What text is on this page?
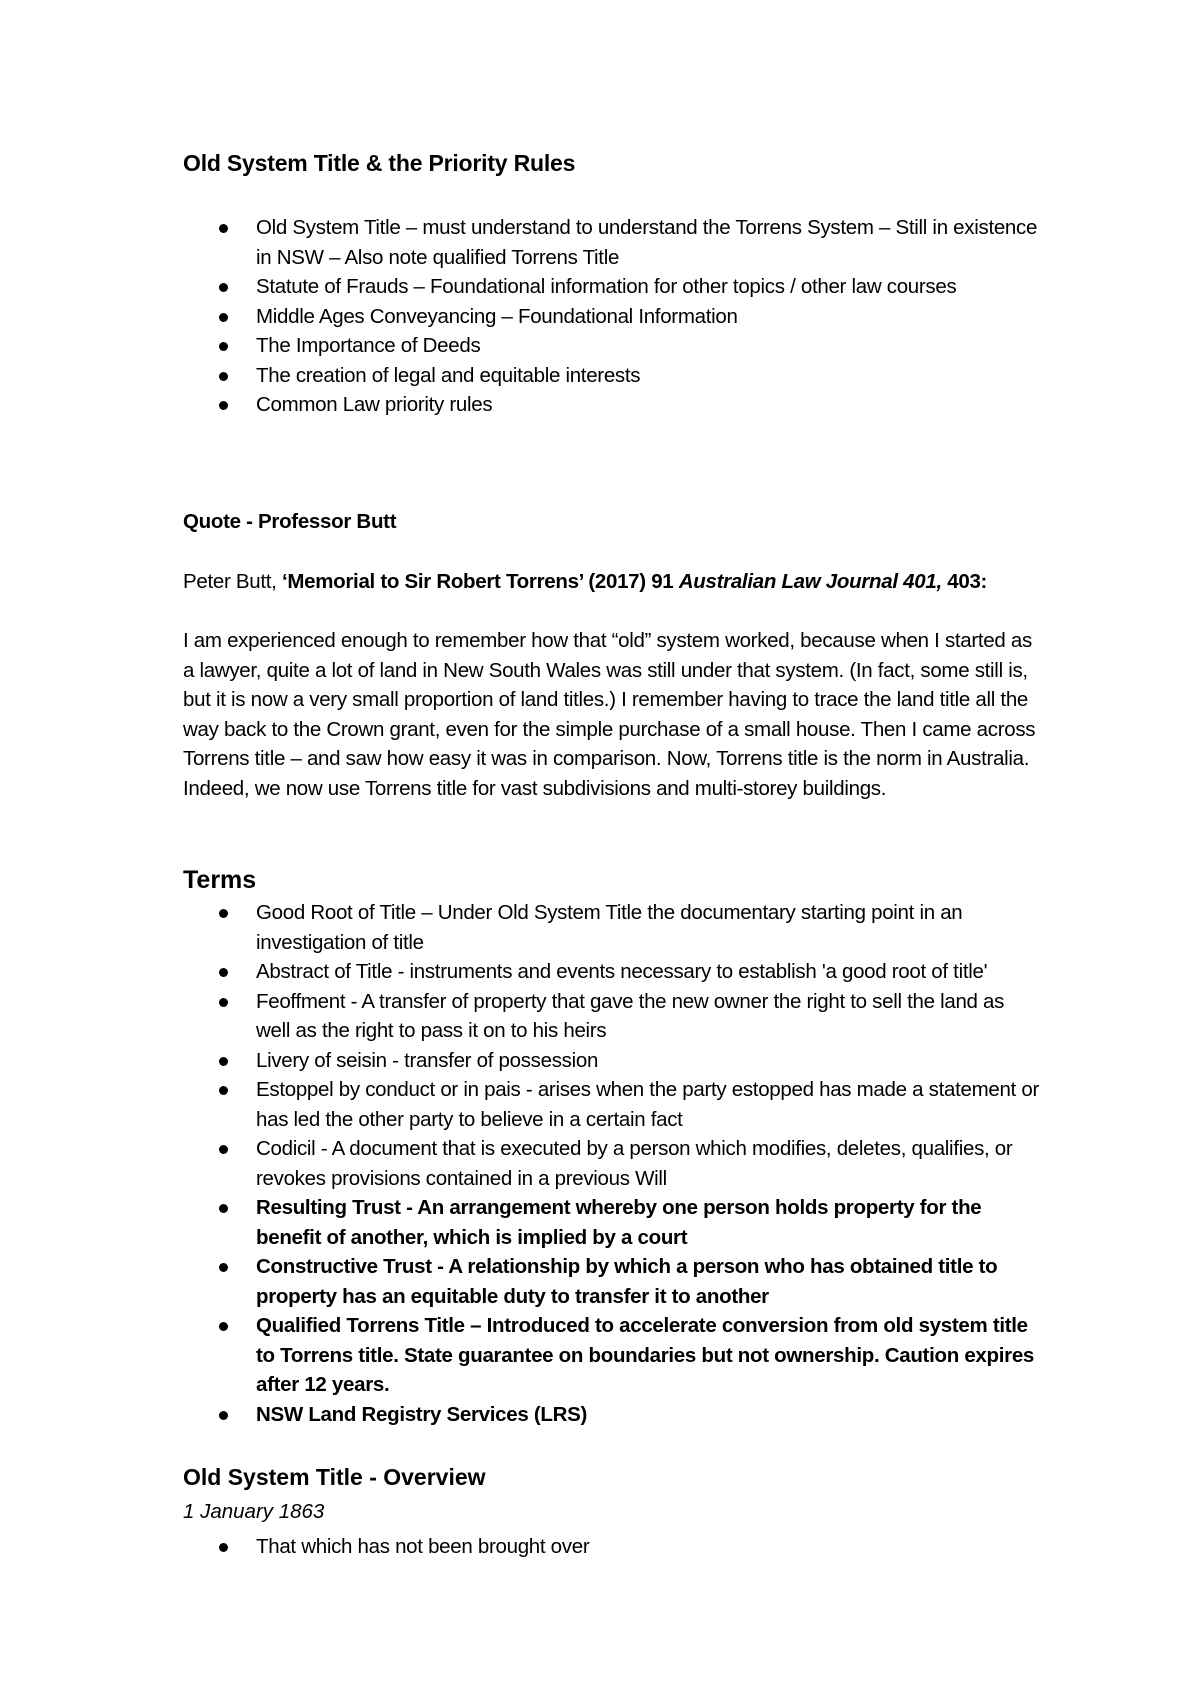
Old System Title & the Priority Rules
Old System Title – must understand to understand the Torrens System – Still in existence in NSW – Also note qualified Torrens Title
Statute of Frauds – Foundational information for other topics / other law courses
Middle Ages Conveyancing – Foundational Information
The Importance of Deeds
The creation of legal and equitable interests
Common Law priority rules
Quote - Professor Butt
Peter Butt, ‘Memorial to Sir Robert Torrens’ (2017) 91 Australian Law Journal 401, 403:
I am experienced enough to remember how that “old” system worked, because when I started as a lawyer, quite a lot of land in New South Wales was still under that system. (In fact, some still is, but it is now a very small proportion of land titles.) I remember having to trace the land title all the way back to the Crown grant, even for the simple purchase of a small house. Then I came across Torrens title – and saw how easy it was in comparison. Now, Torrens title is the norm in Australia. Indeed, we now use Torrens title for vast subdivisions and multi-storey buildings.
Terms
Good Root of Title – Under Old System Title the documentary starting point in an investigation of title
Abstract of Title - instruments and events necessary to establish 'a good root of title'
Feoffment - A transfer of property that gave the new owner the right to sell the land as well as the right to pass it on to his heirs
Livery of seisin - transfer of possession
Estoppel by conduct or in pais - arises when the party estopped has made a statement or has led the other party to believe in a certain fact
Codicil - A document that is executed by a person which modifies, deletes, qualifies, or revokes provisions contained in a previous Will
Resulting Trust - An arrangement whereby one person holds property for the benefit of another, which is implied by a court
Constructive Trust - A relationship by which a person who has obtained title to property has an equitable duty to transfer it to another
Qualified Torrens Title – Introduced to accelerate conversion from old system title to Torrens title. State guarantee on boundaries but not ownership. Caution expires after 12 years.
NSW Land Registry Services (LRS)
Old System Title - Overview
1 January 1863
That which has not been brought over
